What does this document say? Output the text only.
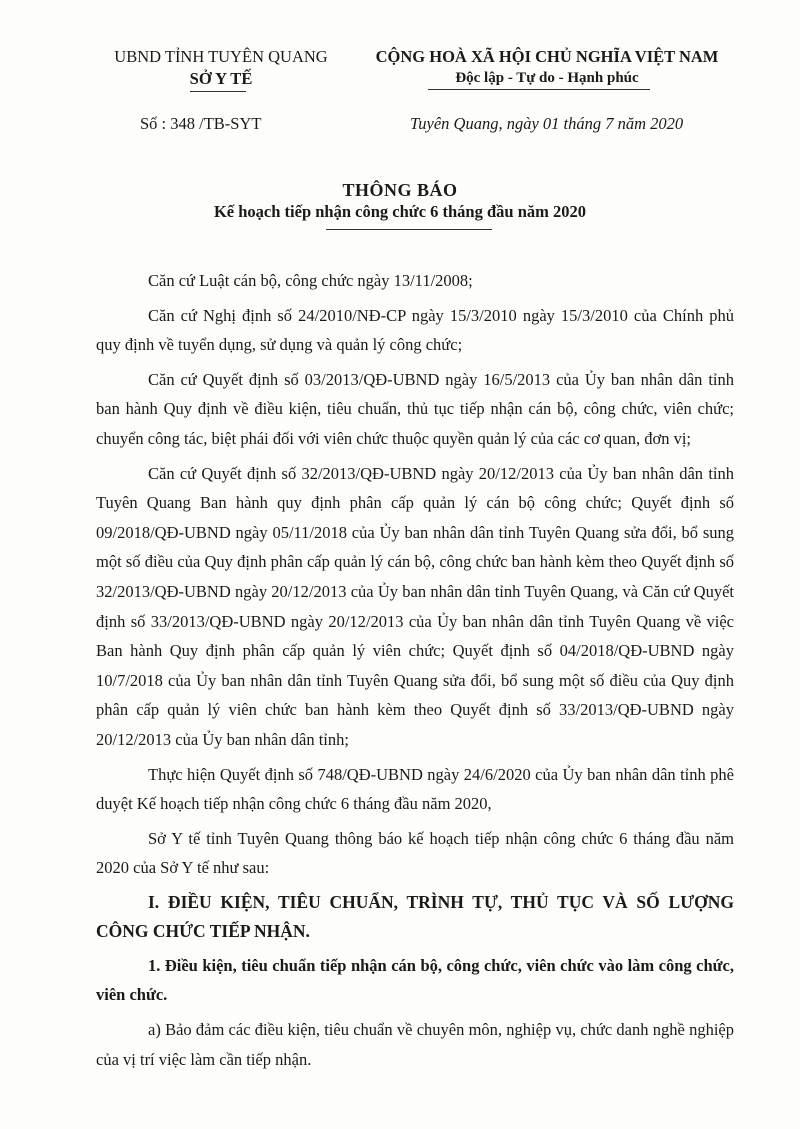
UBND TỈNH TUYÊN QUANG
SỞ Y TẾ
CỘNG HOÀ XÃ HỘI CHỦ NGHĨA VIỆT NAM
Độc lập - Tự do - Hạnh phúc
Số : 348 /TB-SYT	Tuyên Quang, ngày 01 tháng 7 năm 2020
THÔNG BÁO
Kế hoạch tiếp nhận công chức 6 tháng đầu năm 2020

Căn cứ Luật cán bộ, công chức ngày 13/11/2008;

Căn cứ Nghị định số 24/2010/NĐ-CP ngày 15/3/2010 ngày 15/3/2010 của Chính phủ quy định về tuyển dụng, sử dụng và quản lý công chức;

Căn cứ Quyết định số 03/2013/QĐ-UBND ngày 16/5/2013 của Ủy ban nhân dân tỉnh ban hành Quy định về điều kiện, tiêu chuẩn, thủ tục tiếp nhận cán bộ, công chức, viên chức; chuyển công tác, biệt phái đối với viên chức thuộc quyền quản lý của các cơ quan, đơn vị;

Căn cứ Quyết định số 32/2013/QĐ-UBND ngày 20/12/2013 của Ủy ban nhân dân tỉnh Tuyên Quang Ban hành quy định phân cấp quản lý cán bộ công chức; Quyết định số 09/2018/QĐ-UBND ngày 05/11/2018 của Ủy ban nhân dân tỉnh Tuyên Quang sửa đổi, bổ sung một số điều của Quy định phân cấp quản lý cán bộ, công chức ban hành kèm theo Quyết định số 32/2013/QĐ-UBND ngày 20/12/2013 của Ủy ban nhân dân tỉnh Tuyên Quang, và Căn cứ Quyết định số 33/2013/QĐ-UBND ngày 20/12/2013 của Ủy ban nhân dân tỉnh Tuyên Quang về việc Ban hành Quy định phân cấp quản lý viên chức; Quyết định số 04/2018/QĐ-UBND ngày 10/7/2018 của Ủy ban nhân dân tỉnh Tuyên Quang sửa đổi, bổ sung một số điều của Quy định phân cấp quản lý viên chức ban hành kèm theo Quyết định số 33/2013/QĐ-UBND ngày 20/12/2013 của Ủy ban nhân dân tỉnh;

Thực hiện Quyết định số 748/QĐ-UBND ngày 24/6/2020 của Ủy ban nhân dân tỉnh phê duyệt Kế hoạch tiếp nhận công chức 6 tháng đầu năm 2020,

Sở Y tế tỉnh Tuyên Quang thông báo kế hoạch tiếp nhận công chức 6 tháng đầu năm 2020 của Sở Y tế như sau:

I. ĐIỀU KIỆN, TIÊU CHUẨN, TRÌNH TỰ, THỦ TỤC VÀ SỐ LƯỢNG CÔNG CHỨC TIẾP NHẬN.
1. Điều kiện, tiêu chuẩn tiếp nhận cán bộ, công chức, viên chức vào làm công chức, viên chức.

a) Bảo đảm các điều kiện, tiêu chuẩn về chuyên môn, nghiệp vụ, chức danh nghề nghiệp của vị trí việc làm cần tiếp nhận.
